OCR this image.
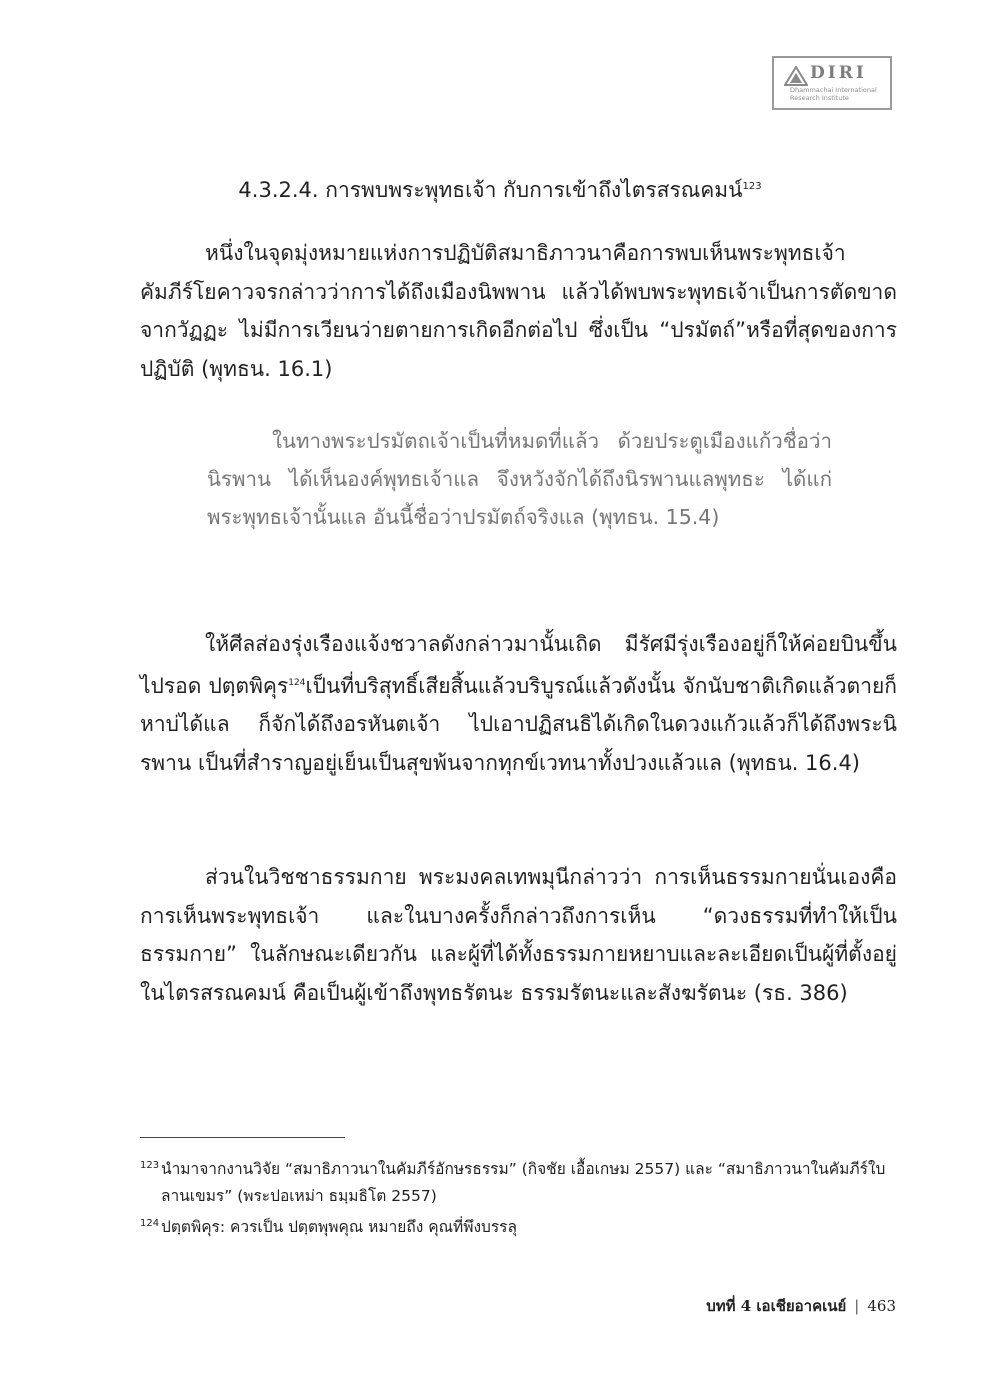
DIRI
Dhammachai International Research Institute
4.3.2.4. การพบพระพุทธเจ้า กับการเข้าถึงไตรสรณคมน์$^{123}$

หนึ่งในจุดมุ่งหมายแห่งการปฏิบัติสมาธิภาวนาคือการพบเห็นพระพุทธเจ้า คัมภีร์โยคาวจรกล่าวว่าการได้ถึงเมืองนิพพาน แล้วได้พบพระพุทธเจ้าเป็นการตัดขาดจากวัฏฏะ ไม่มีการเวียนว่ายตายการเกิดอีกต่อไป ซึ่งเป็น “ปรมัตถ์”หรือที่สุดของการปฏิบัติ (พุทธน. 16.1)

ในทางพระปรมัตถเจ้าเป็นที่หมดที่แล้ว ด้วยประตูเมืองแก้วชื่อว่านิรพาน ได้เห็นองค์พุทธเจ้าแล จึงหวังจักได้ถึงนิรพานแลพุทธะ ได้แก่พระพุทธเจ้านั้นแล อันนี้ชื่อว่าปรมัตถ์จริงแล (พุทธน. 15.4)

ให้ศีลส่องรุ่งเรืองแจ้งชวาลดังกล่าวมานั้นเถิด มีรัศมีรุ่งเรืองอยู่ก็ให้ค่อยบินขึ้นไปรอด ปตฺตพิคุร$^{124}$เป็นที่บริสุทธิ์เสียสิ้นแล้วบริบูรณ์แล้วดังนั้น จักนับชาติเกิดแล้วตายก็หาบ่ได้แล ก็จักได้ถึงอรหันตเจ้า ไปเอาปฏิสนธิได้เกิดในดวงแก้วแล้วก็ได้ถึงพระนิรพาน เป็นที่สำราญอยู่เย็นเป็นสุขพ้นจากทุกข์เวทนาทั้งปวงแล้วแล (พุทธน. 16.4)

ส่วนในวิชชาธรรมกาย พระมงคลเทพมุนีกล่าวว่า การเห็นธรรมกายนั่นเองคือการเห็นพระพุทธเจ้า และในบางครั้งก็กล่าวถึงการเห็น “ดวงธรรมที่ทำให้เป็นธรรมกาย” ในลักษณะเดียวกัน และผู้ที่ได้ทั้งธรรมกายหยาบและละเอียดเป็นผู้ที่ตั้งอยู่ในไตรสรณคมน์ คือเป็นผู้เข้าถึงพุทธรัตนะ ธรรมรัตนะและสังฆรัตนะ (รธ. 386)

123 นำมาจากงานวิจัย “สมาธิภาวนาในคัมภีร์อักษรธรรม” (กิจชัย เอื้อเกษม 2557) และ “สมาธิภาวนาในคัมภีร์ใบลานเขมร” (พระปอเหม่า ธมฺมธิโต 2557)

124 ปตฺตพิคุร: ควรเป็น ปตฺตพุพคุณ หมายถึง คุณที่พึงบรรลุ

บทที่ 4 เอเชียอาคเนย์ | 463
